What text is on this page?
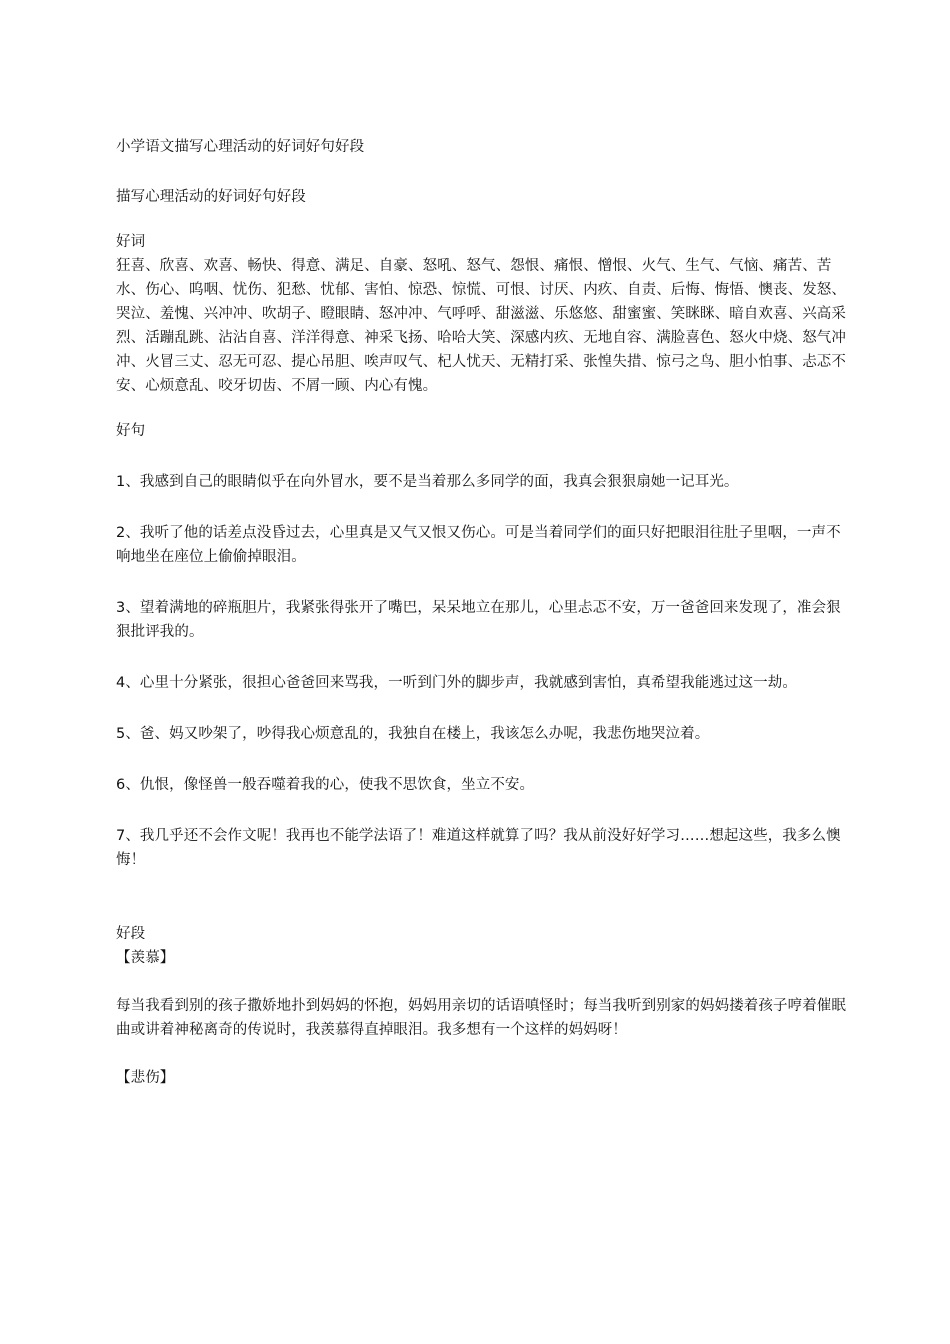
小学语文描写心理活动的好词好句好段

描写心理活动的好词好句好段

好词

狂喜、欣喜、欢喜、畅快、得意、满足、自豪、怒吼、怒气、怨恨、痛恨、憎恨、火气、生气、气恼、痛苦、苦水、伤心、呜咽、忧伤、犯愁、忧郁、害怕、惊恐、惊慌、可恨、讨厌、内疚、自责、后悔、悔悟、懊丧、发怒、哭泣、羞愧、兴冲冲、吹胡子、瞪眼睛、怒冲冲、气呼呼、甜滋滋、乐悠悠、甜蜜蜜、笑眯眯、暗自欢喜、兴高采烈、活蹦乱跳、沾沾自喜、洋洋得意、神采飞扬、哈哈大笑、深感内疚、无地自容、满脸喜色、怒火中烧、怒气冲冲、火冒三丈、忍无可忍、提心吊胆、唉声叹气、杞人忧天、无精打采、张惶失措、惊弓之鸟、胆小怕事、忐忑不安、心烦意乱、咬牙切齿、不屑一顾、内心有愧。

好句

1、我感到自己的眼睛似乎在向外冒水，要不是当着那么多同学的面，我真会狠狠扇她一记耳光。

2、我听了他的话差点没昏过去，心里真是又气又恨又伤心。可是当着同学们的面只好把眼泪往肚子里咽，一声不响地坐在座位上偷偷掉眼泪。

3、望着满地的碎瓶胆片，我紧张得张开了嘴巴，呆呆地立在那儿，心里忐忑不安，万一爸爸回来发现了，准会狠狠批评我的。

4、心里十分紧张，很担心爸爸回来骂我，一听到门外的脚步声，我就感到害怕，真希望我能逃过这一劫。

5、爸、妈又吵架了，吵得我心烦意乱的，我独自在楼上，我该怎么办呢，我悲伤地哭泣着。

6、仇恨，像怪兽一般吞噬着我的心，使我不思饮食，坐立不安。

7、我几乎还不会作文呢！我再也不能学法语了！难道这样就算了吗？我从前没好好学习……想起这些，我多么懊悔！

好段

【羡慕】

每当我看到别的孩子撒娇地扑到妈妈的怀抱，妈妈用亲切的话语嗔怪时；每当我听到别家的妈妈搂着孩子哼着催眠曲或讲着神秘离奇的传说时，我羡慕得直掉眼泪。我多想有一个这样的妈妈呀！

【悲伤】
